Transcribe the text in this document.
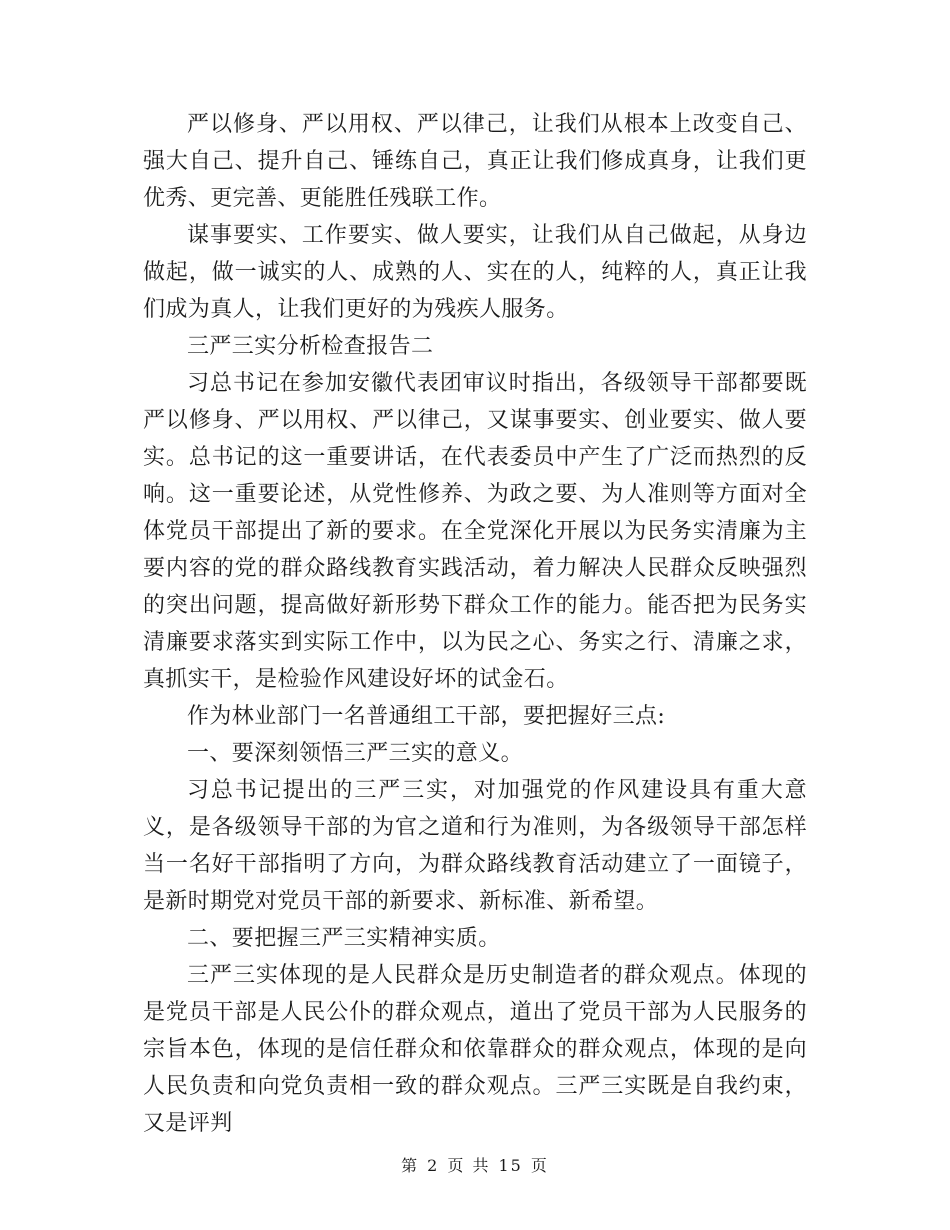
严以修身、严以用权、严以律己，让我们从根本上改变自己、强大自己、提升自己、锤练自己，真正让我们修成真身，让我们更优秀、更完善、更能胜任残联工作。

谋事要实、工作要实、做人要实，让我们从自己做起，从身边做起，做一诚实的人、成熟的人、实在的人，纯粹的人，真正让我们成为真人，让我们更好的为残疾人服务。

三严三实分析检查报告二

习总书记在参加安徽代表团审议时指出，各级领导干部都要既严以修身、严以用权、严以律己，又谋事要实、创业要实、做人要实。总书记的这一重要讲话，在代表委员中产生了广泛而热烈的反响。这一重要论述，从党性修养、为政之要、为人准则等方面对全体党员干部提出了新的要求。在全党深化开展以为民务实清廉为主要内容的党的群众路线教育实践活动，着力解决人民群众反映强烈的突出问题，提高做好新形势下群众工作的能力。能否把为民务实清廉要求落实到实际工作中，以为民之心、务实之行、清廉之求，真抓实干，是检验作风建设好坏的试金石。

作为林业部门一名普通组工干部，要把握好三点:

一、要深刻领悟三严三实的意义。

习总书记提出的三严三实，对加强党的作风建设具有重大意义，是各级领导干部的为官之道和行为准则，为各级领导干部怎样当一名好干部指明了方向，为群众路线教育活动建立了一面镜子，是新时期党对党员干部的新要求、新标准、新希望。

二、要把握三严三实精神实质。

三严三实体现的是人民群众是历史制造者的群众观点。体现的是党员干部是人民公仆的群众观点，道出了党员干部为人民服务的宗旨本色，体现的是信任群众和依靠群众的群众观点，体现的是向人民负责和向党负责相一致的群众观点。三严三实既是自我约束，又是评判

第 2 页 共 15 页
